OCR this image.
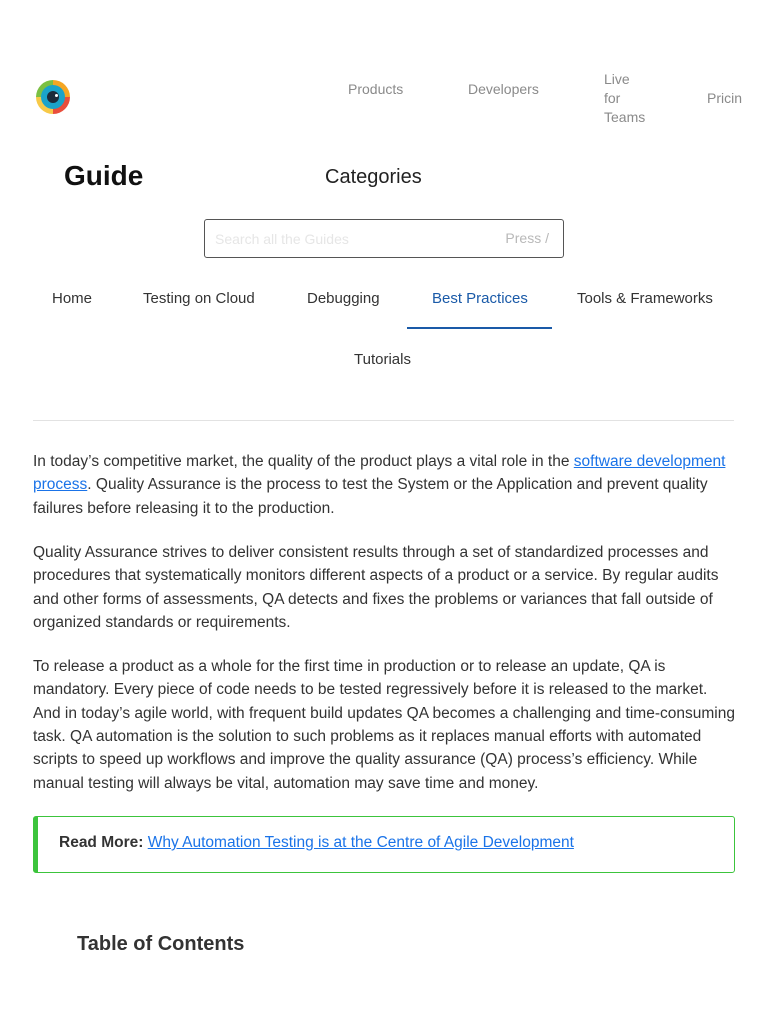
Products	Developers
Live
for
Teams
Pricin
Guide	Categories
Search all the Guides
Press /
Home	Testing on Cloud	Debugging	Best Practices	Tools & Frameworks
Tutorials

In today’s competitive market, the quality of the product plays a vital role in the software development process. Quality Assurance is the process to test the System or the Application and prevent quality failures before releasing it to the production.

Quality Assurance strives to deliver consistent results through a set of standardized processes and procedures that systematically monitors different aspects of a product or a service. By regular audits and other forms of assessments, QA detects and fixes the problems or variances that fall outside of organized standards or requirements.

To release a product as a whole for the first time in production or to release an update, QA is mandatory. Every piece of code needs to be tested regressively before it is released to the market. And in today’s agile world, with frequent build updates QA becomes a challenging and time-consuming task. QA automation is the solution to such problems as it replaces manual efforts with automated scripts to speed up workflows and improve the quality assurance (QA) process’s efficiency. While manual testing will always be vital, automation may save time and money.

Read More: Why Automation Testing is at the Centre of Agile Development
Table of Contents
